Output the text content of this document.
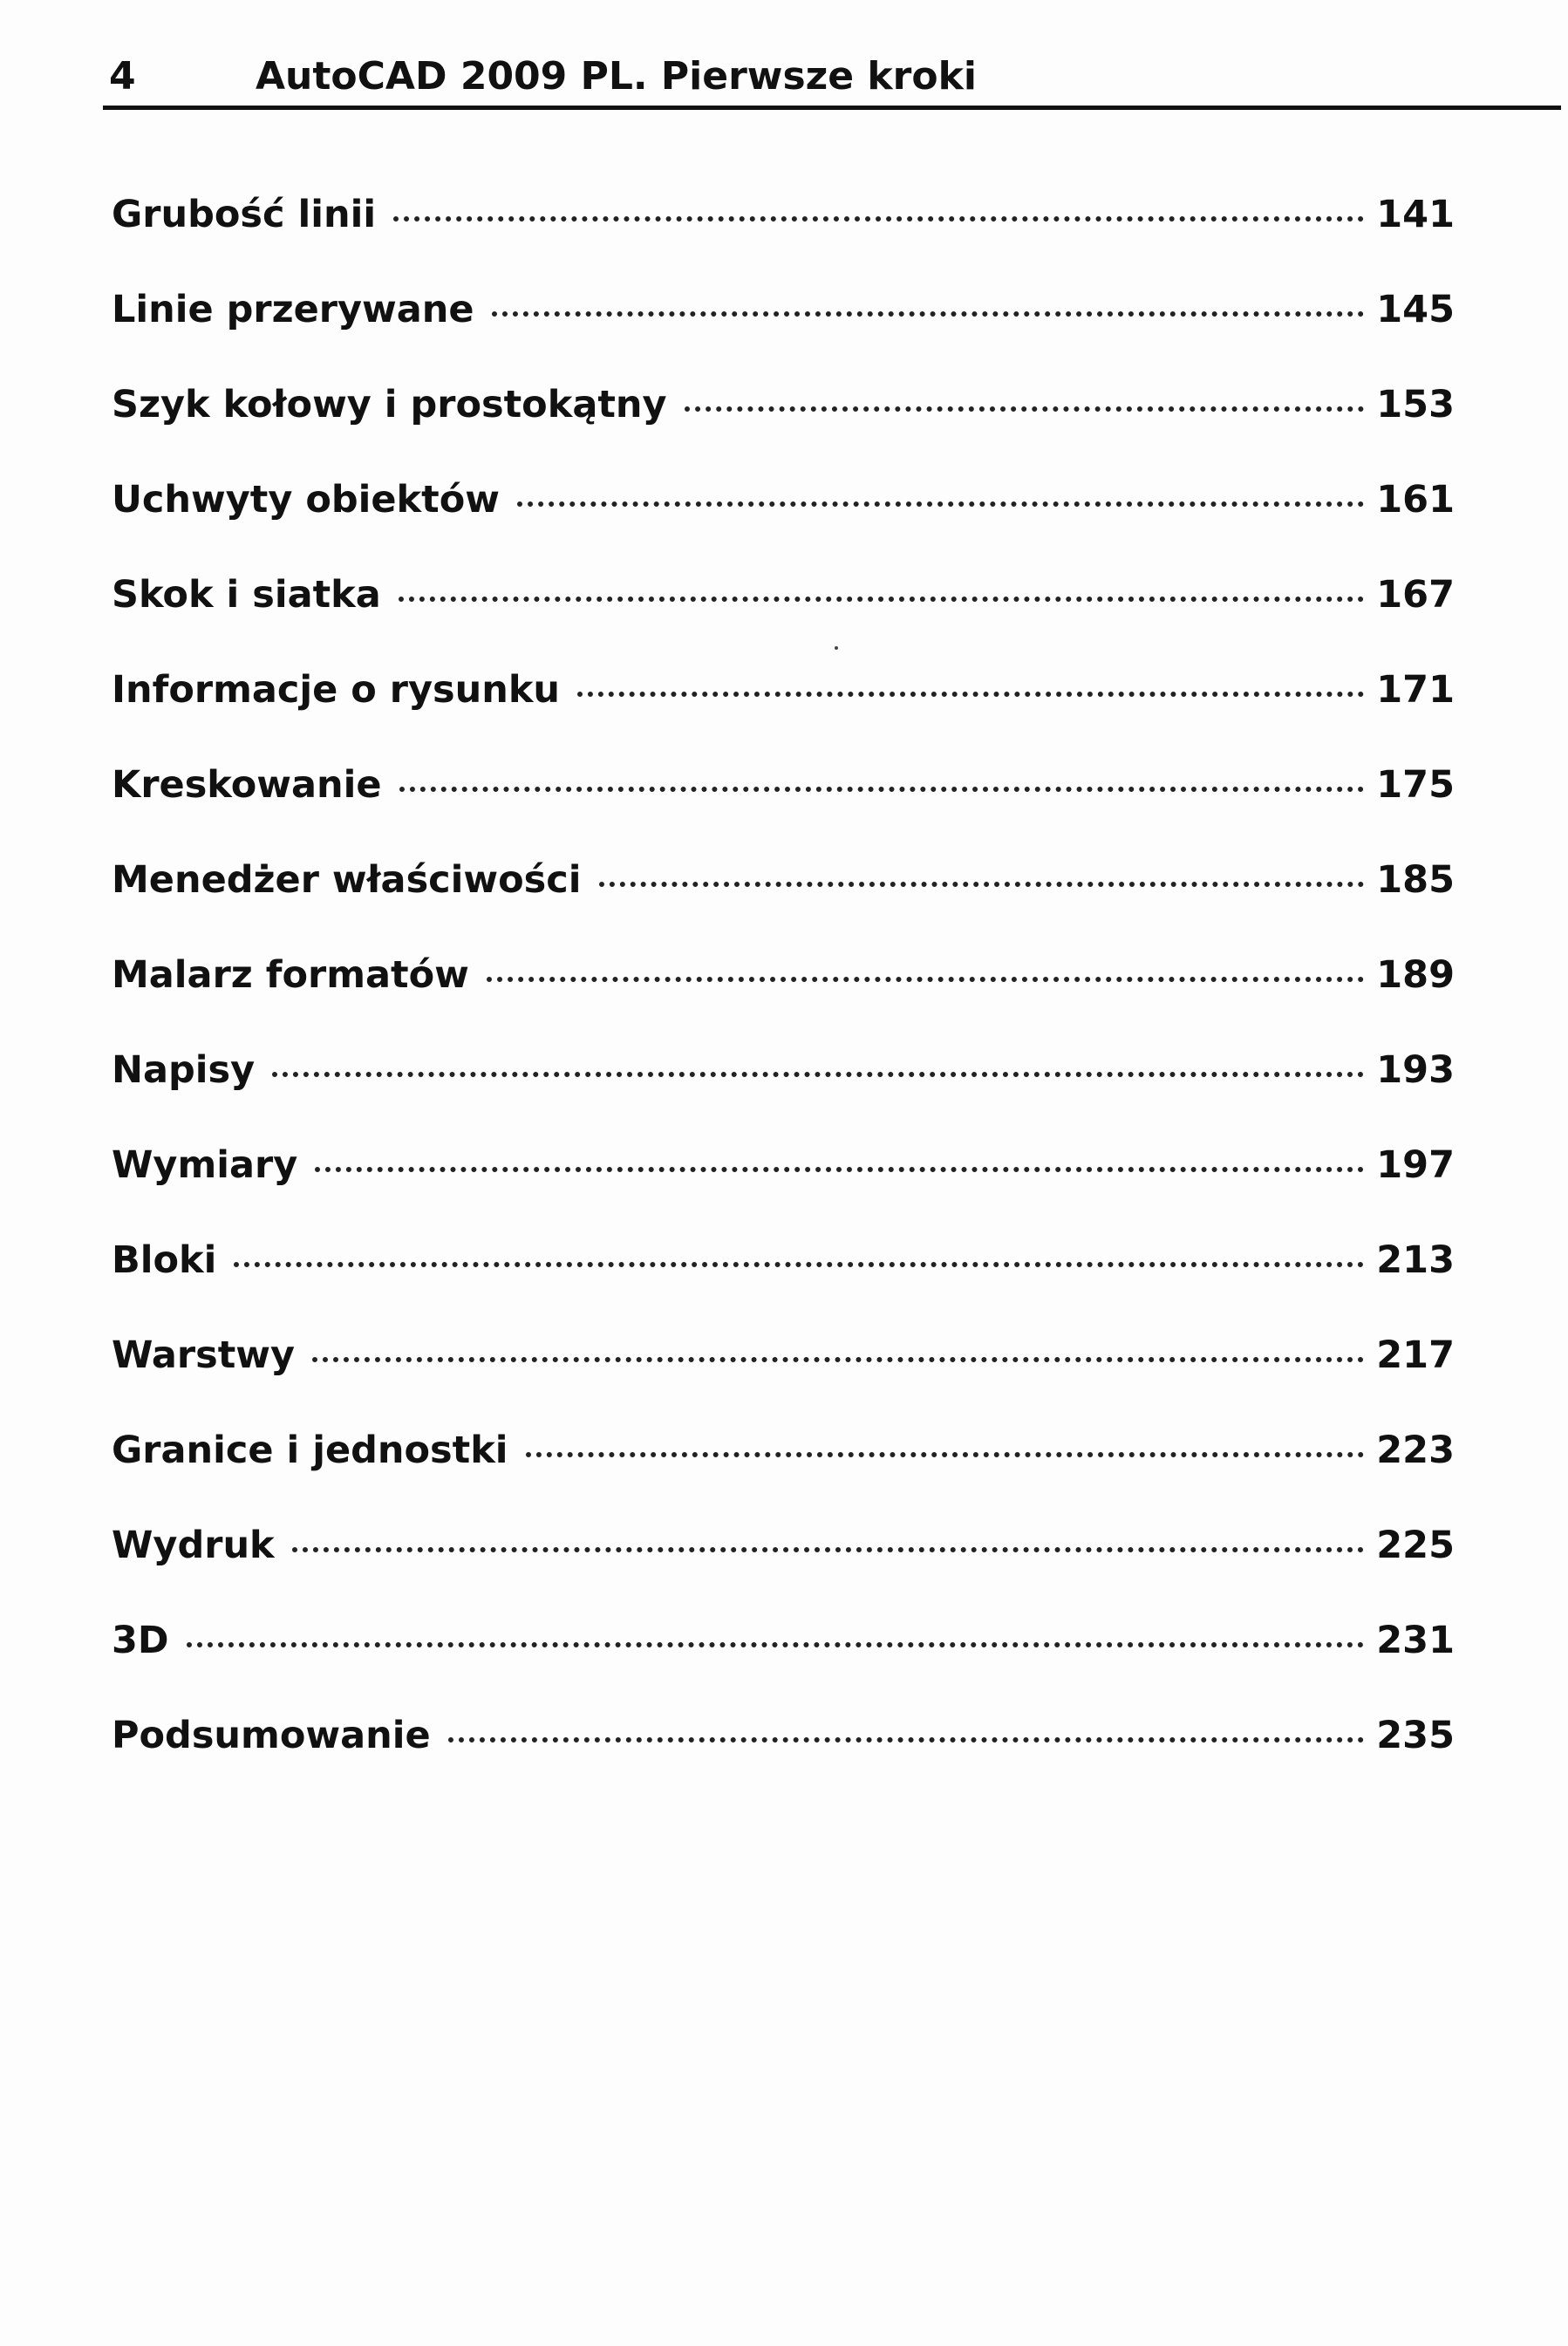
4	AutoCAD 2009 PL. Pierwsze kroki
Grubość linii	141
Linie przerywane	145
Szyk kołowy i prostokątny	153
Uchwyty obiektów	161
Skok i siatka	167
Informacje o rysunku	171
Kreskowanie	175
Menedżer właściwości	185
Malarz formatów	189
Napisy	193
Wymiary	197
Bloki	213
Warstwy	217
Granice i jednostki	223
Wydruk	225
3D	231
Podsumowanie	235
